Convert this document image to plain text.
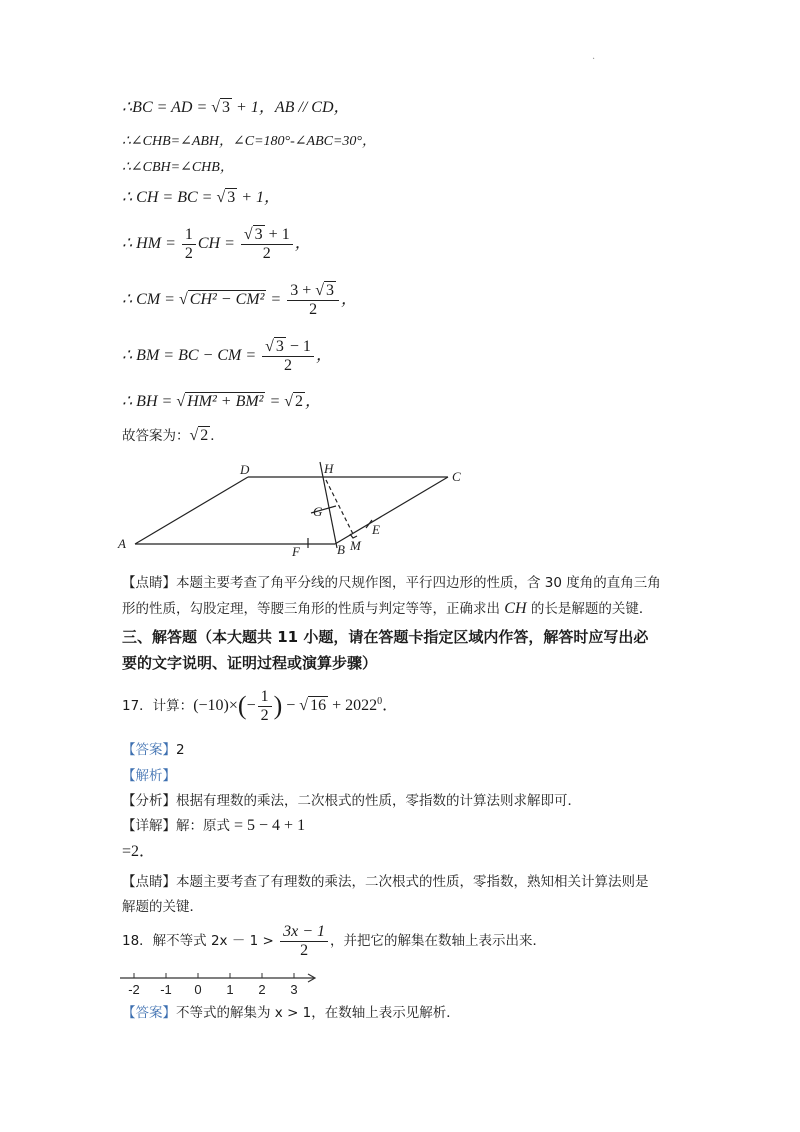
·
∴BC = AD = √ 3 + 1，AB // CD，
∴∠CHB=∠ABH，∠C=180°-∠ABC=30°，
∴∠CBH=∠CHB，
∴ CH = BC = √ 3 + 1，
∴ HM = $\frac{1}{2}$ CH = $\frac{√ 3 + 1}{2}$ ，
∴ CM = √ $CH^2 - CM^2 = \frac{3 + √ 3}{2}$ ，
∴ BM = BC − CM = $\frac{√ 3 - 1}{2}$ ，
∴ BH = √ HM² + BM² = √ 2 ，
故答案为：√ 2 ．
A	B
C
D
E
F
G
H
M
【点睛】本题主要考查了角平分线的尺规作图，平行四边形的性质，含 30 度角的直角三角
形的性质，勾股定理，等腰三角形的性质与判定等等，正确求出 CH 的长是解题的关键．
三、解答题（本大题共 11 小题，请在答题卡指定区域内作答，解答时应写出必
要的文字说明、证明过程或演算步骤）
17．计算：$(-10)\times(- \frac{1}{2}$ ) − √ $16 + 2022^0$．
【答案】2
【解析】
【分析】根据有理数的乘法，二次根式的性质，零指数的计算法则求解即可．
【详解】解：原式 = 5 − 4 + 1
=2．
【点睛】本题主要考查了有理数的乘法，二次根式的性质，零指数，熟知相关计算法则是
解题的关键．
18．解不等式 $2x - 1 > \frac{3x - 1}{2}$ ，并把它的解集在数轴上表示出来．
-2 -1 0 1 2 3
【答案】不等式的解集为 x > 1，在数轴上表示见解析．
